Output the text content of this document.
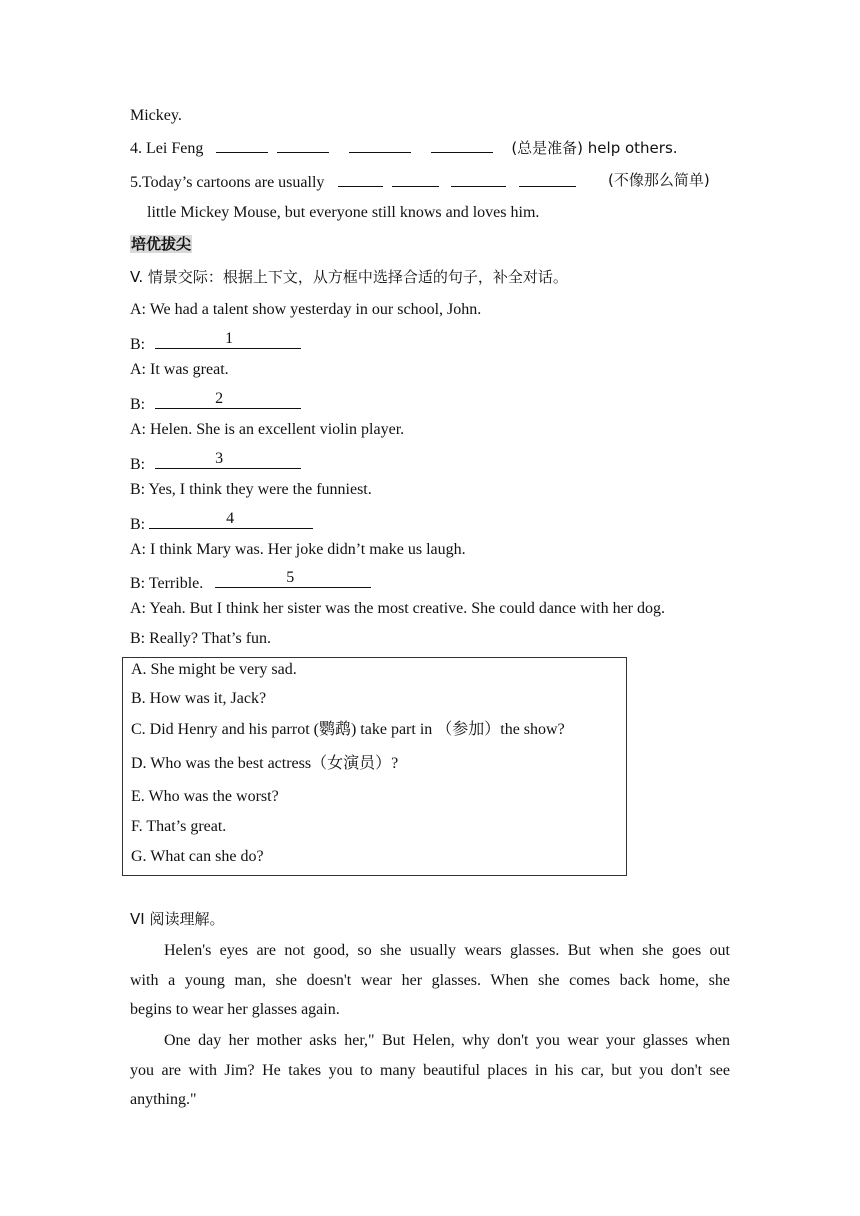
Mickey.
4. Lei Feng	(总是准备) help others.
5.Today’s cartoons are usually	(不像那么简单)
little Mickey Mouse, but everyone still knows and loves him.
培优拔尖
V. 情景交际：根据上下文，从方框中选择合适的句子，补全对话。
A: We had a talent show yesterday in our school, John.
B:	1
A: It was great.
B:	2
A: Helen. She is an excellent violin player.
B:	3
B: Yes, I think they were the funniest.
B:	4
A: I think Mary was. Her joke didn’t make us laugh.
B: Terrible.	5
A: Yeah. But I think her sister was the most creative. She could dance with her dog.
B: Really? That’s fun.
A. She might be very sad.
B. How was it, Jack?
C. Did Henry and his parrot (鹦鹉) take part in （参加）the show?
D. Who was the best actress（女演员）?
E. Who was the worst?
F. That’s great.
G. What can she do?
VI 阅读理解。
Helen's eyes are not good, so she usually wears glasses. But when she goes out
with a young man, she doesn't wear her glasses. When she comes back home, she
begins to wear her glasses again.
One day her mother asks her," But Helen, why don't you wear your glasses when
you are with Jim? He takes you to many beautiful places in his car, but you don't see
anything."
